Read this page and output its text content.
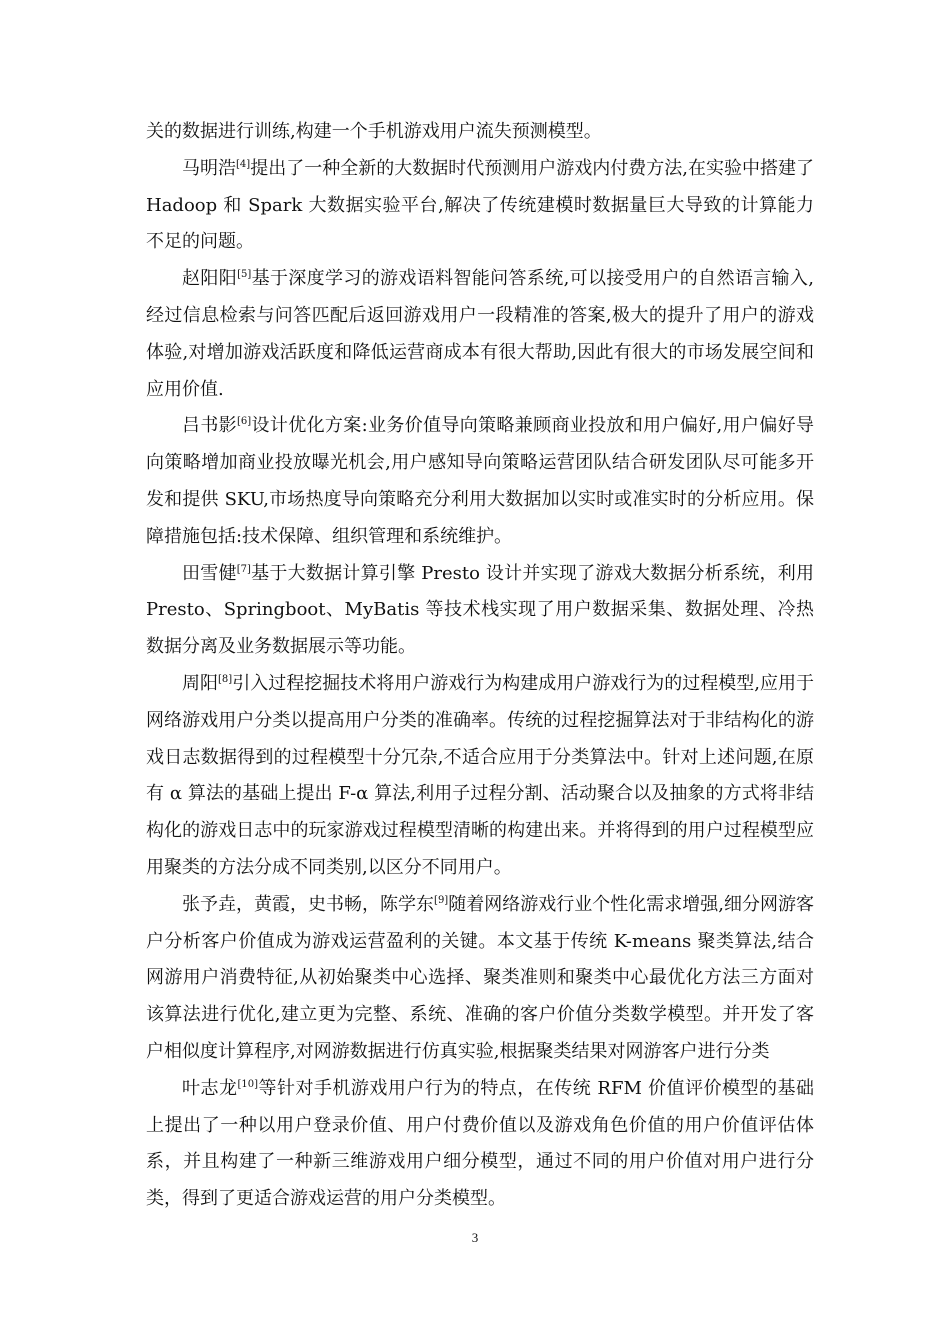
关的数据进行训练,构建一个手机游戏用户流失预测模型。

马明浩[4]提出了一种全新的大数据时代预测用户游戏内付费方法,在实验中搭建了 Hadoop 和 Spark 大数据实验平台,解决了传统建模时数据量巨大导致的计算能力不足的问题。

赵阳阳[5]基于深度学习的游戏语料智能问答系统,可以接受用户的自然语言输入,经过信息检索与问答匹配后返回游戏用户一段精准的答案,极大的提升了用户的游戏体验,对增加游戏活跃度和降低运营商成本有很大帮助,因此有很大的市场发展空间和应用价值.

吕书影[6]设计优化方案:业务价值导向策略兼顾商业投放和用户偏好,用户偏好导向策略增加商业投放曝光机会,用户感知导向策略运营团队结合研发团队尽可能多开发和提供 SKU,市场热度导向策略充分利用大数据加以实时或准实时的分析应用。保障措施包括:技术保障、组织管理和系统维护。

田雪健[7]基于大数据计算引擎 Presto 设计并实现了游戏大数据分析系统，利用 Presto、Springboot、MyBatis 等技术栈实现了用户数据采集、数据处理、冷热数据分离及业务数据展示等功能。

周阳[8]引入过程挖掘技术将用户游戏行为构建成用户游戏行为的过程模型,应用于网络游戏用户分类以提高用户分类的准确率。传统的过程挖掘算法对于非结构化的游戏日志数据得到的过程模型十分冗杂,不适合应用于分类算法中。针对上述问题,在原有 α 算法的基础上提出 F-α 算法,利用子过程分割、活动聚合以及抽象的方式将非结构化的游戏日志中的玩家游戏过程模型清晰的构建出来。并将得到的用户过程模型应用聚类的方法分成不同类别,以区分不同用户。

张予垚，黄霞，史书畅，陈学东[9]随着网络游戏行业个性化需求增强,细分网游客户分析客户价值成为游戏运营盈利的关键。本文基于传统 K-means 聚类算法,结合网游用户消费特征,从初始聚类中心选择、聚类准则和聚类中心最优化方法三方面对该算法进行优化,建立更为完整、系统、准确的客户价值分类数学模型。并开发了客户相似度计算程序,对网游数据进行仿真实验,根据聚类结果对网游客户进行分类

叶志龙[10]等针对手机游戏用户行为的特点，在传统 RFM 价值评价模型的基础上提出了一种以用户登录价值、用户付费价值以及游戏角色价值的用户价值评估体系，并且构建了一种新三维游戏用户细分模型，通过不同的用户价值对用户进行分类，得到了更适合游戏运营的用户分类模型。

3
